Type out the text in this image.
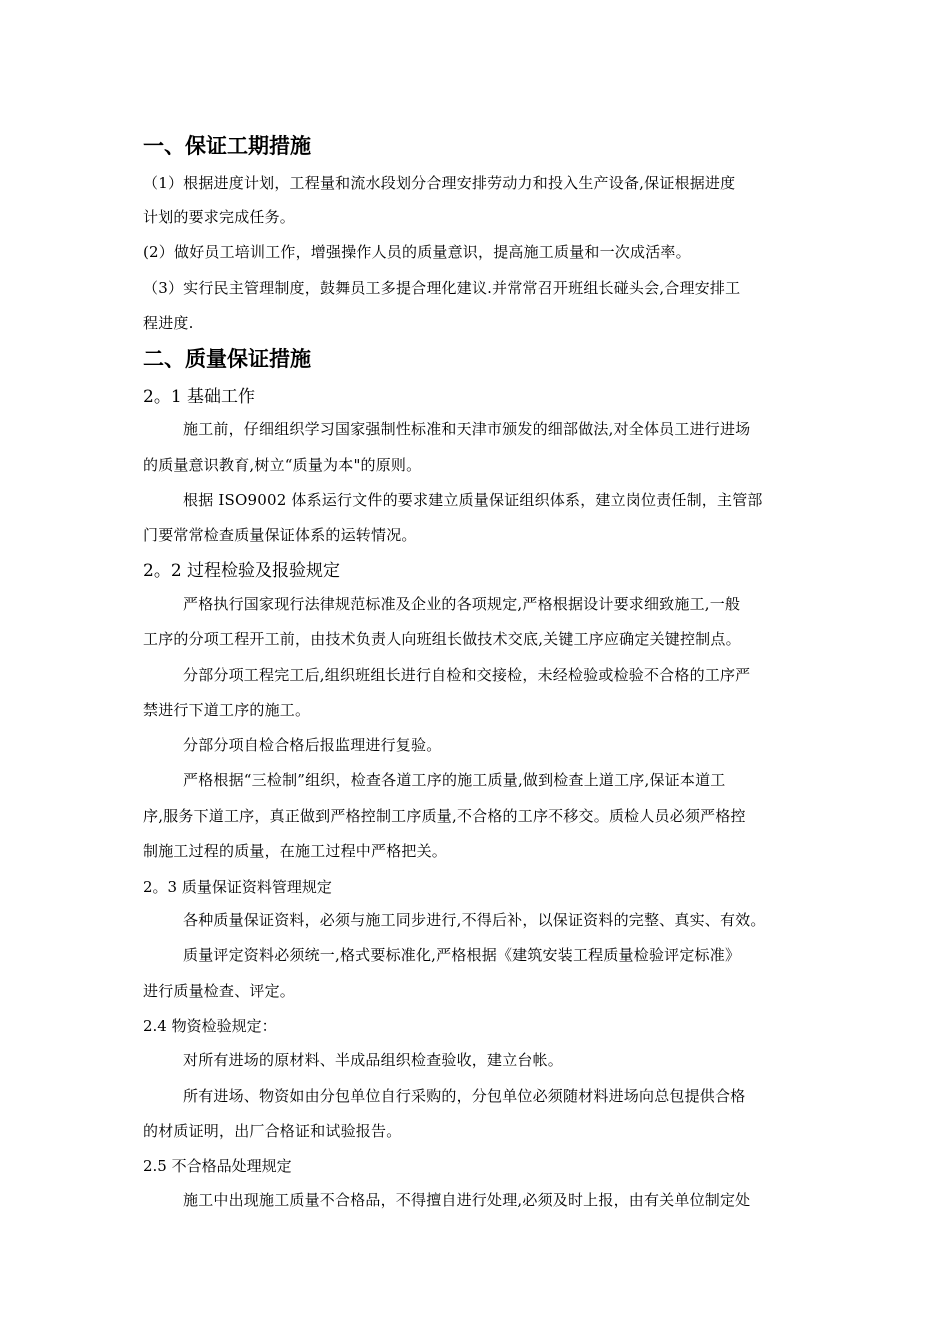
一、保证工期措施
（1）根据进度计划，工程量和流水段划分合理安排劳动力和投入生产设备,保证根据进度
计划的要求完成任务。
(2）做好员工培训工作，增强操作人员的质量意识，提高施工质量和一次成活率。
（3）实行民主管理制度，鼓舞员工多提合理化建议.并常常召开班组长碰头会,合理安排工
程进度.
二、质量保证措施
2。1 基础工作
施工前，仔细组织学习国家强制性标准和天津市颁发的细部做法,对全体员工进行进场
的质量意识教育,树立“质量为本"的原则。
根据 ISO9002 体系运行文件的要求建立质量保证组织体系，建立岗位责任制，主管部
门要常常检查质量保证体系的运转情况。
2。2 过程检验及报验规定
严格执行国家现行法律规范标准及企业的各项规定,严格根据设计要求细致施工,一般
工序的分项工程开工前，由技术负责人向班组长做技术交底,关键工序应确定关键控制点。
分部分项工程完工后,组织班组长进行自检和交接检，未经检验或检验不合格的工序严
禁进行下道工序的施工。
分部分项自检合格后报监理进行复验。
严格根据“三检制”组织，检查各道工序的施工质量,做到检查上道工序,保证本道工
序,服务下道工序，真正做到严格控制工序质量,不合格的工序不移交。质检人员必须严格控
制施工过程的质量，在施工过程中严格把关。
2。3 质量保证资料管理规定
各种质量保证资料，必须与施工同步进行,不得后补，以保证资料的完整、真实、有效。
质量评定资料必须统一,格式要标准化,严格根据《建筑安装工程质量检验评定标准》
进行质量检查、评定。
2.4 物资检验规定：
对所有进场的原材料、半成品组织检查验收，建立台帐。
所有进场、物资如由分包单位自行采购的，分包单位必须随材料进场向总包提供合格
的材质证明，出厂合格证和试验报告。
2.5 不合格品处理规定
施工中出现施工质量不合格品，不得擅自进行处理,必须及时上报，由有关单位制定处
